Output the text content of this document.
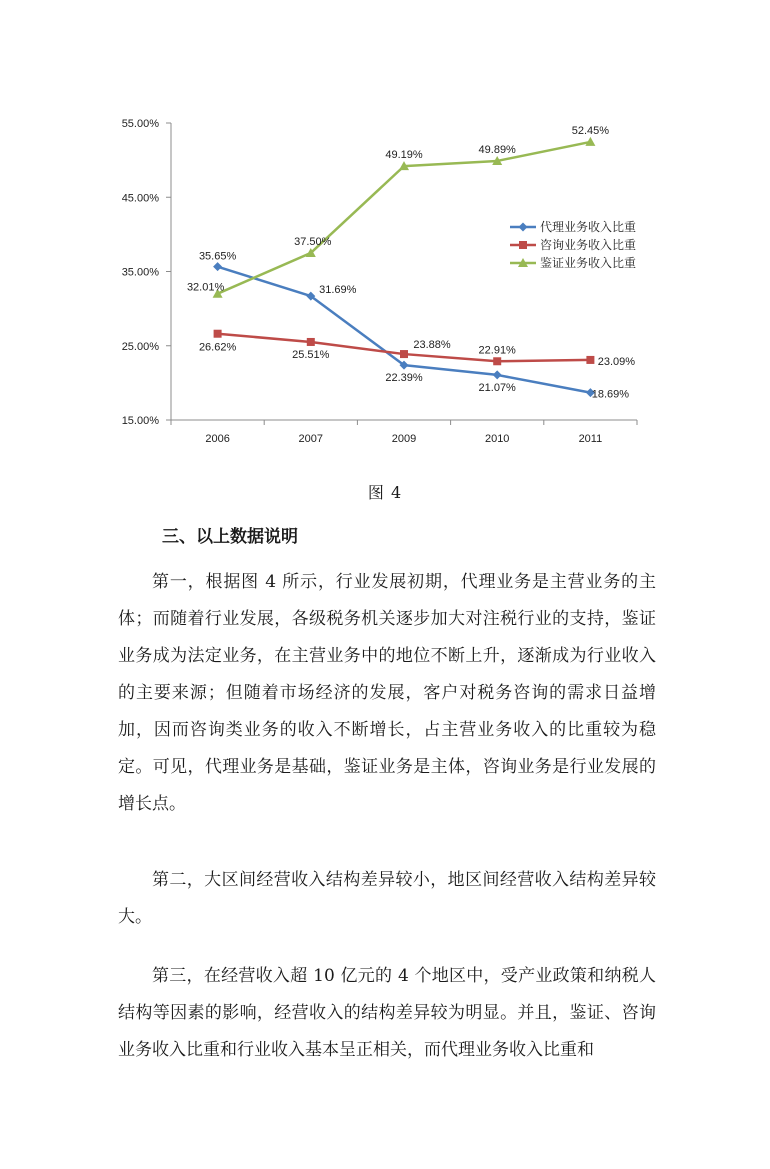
15.00%
25.00%
35.00%
45.00%
55.00%
2006	2007	2009	2010	2011
35.65%
31.69%
22.39%
21.07%
18.69%
26.62%
25.51%
23.88%	22.91%
23.09%
32.01%
37.50%
49.19%	49.89%
52.45%
代理业务收入比重
咨询业务收入比重
鉴证业务收入比重
图 4
三、以上数据说明

第一，根据图 4 所示，行业发展初期，代理业务是主营业务的主体；而随着行业发展，各级税务机关逐步加大对注税行业的支持，鉴证业务成为法定业务，在主营业务中的地位不断上升，逐渐成为行业收入的主要来源；但随着市场经济的发展，客户对税务咨询的需求日益增加，因而咨询类业务的收入不断增长，占主营业务收入的比重较为稳定。可见，代理业务是基础，鉴证业务是主体，咨询业务是行业发展的增长点。

第二，大区间经营收入结构差异较小，地区间经营收入结构差异较大。

第三，在经营收入超 10 亿元的 4 个地区中，受产业政策和纳税人结构等因素的影响，经营收入的结构差异较为明显。并且，鉴证、咨询业务收入比重和行业收入基本呈正相关，而代理业务收入比重和
